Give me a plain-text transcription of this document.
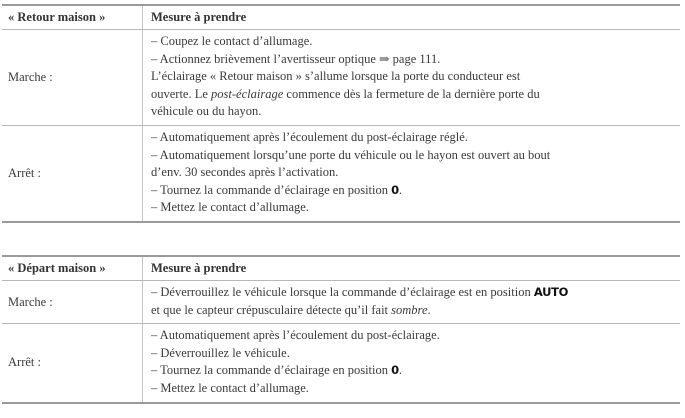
« Retour maison »	Mesure à prendre
Marche :
– Coupez le contact d’allumage.
– Actionnez brièvement l’avertisseur optique ⇒ page 111.
L’éclairage « Retour maison » s’allume lorsque la porte du conducteur est
ouverte. Le post-éclairage commence dès la fermeture de la dernière porte du
véhicule ou du hayon.
Arrêt :
– Automatiquement après l’écoulement du post-éclairage réglé.
– Automatiquement lorsqu’une porte du véhicule ou le hayon est ouvert au bout
d’env. 30 secondes après l’activation.
– Tournez la commande d’éclairage en position 0.
– Mettez le contact d’allumage.
« Départ maison »	Mesure à prendre
Marche :
– Déverrouillez le véhicule lorsque la commande d’éclairage est en position AUTO
et que le capteur crépusculaire détecte qu’il fait sombre.
Arrêt :
– Automatiquement après l’écoulement du post-éclairage.
– Déverrouillez le véhicule.
– Tournez la commande d’éclairage en position 0.
– Mettez le contact d’allumage.
